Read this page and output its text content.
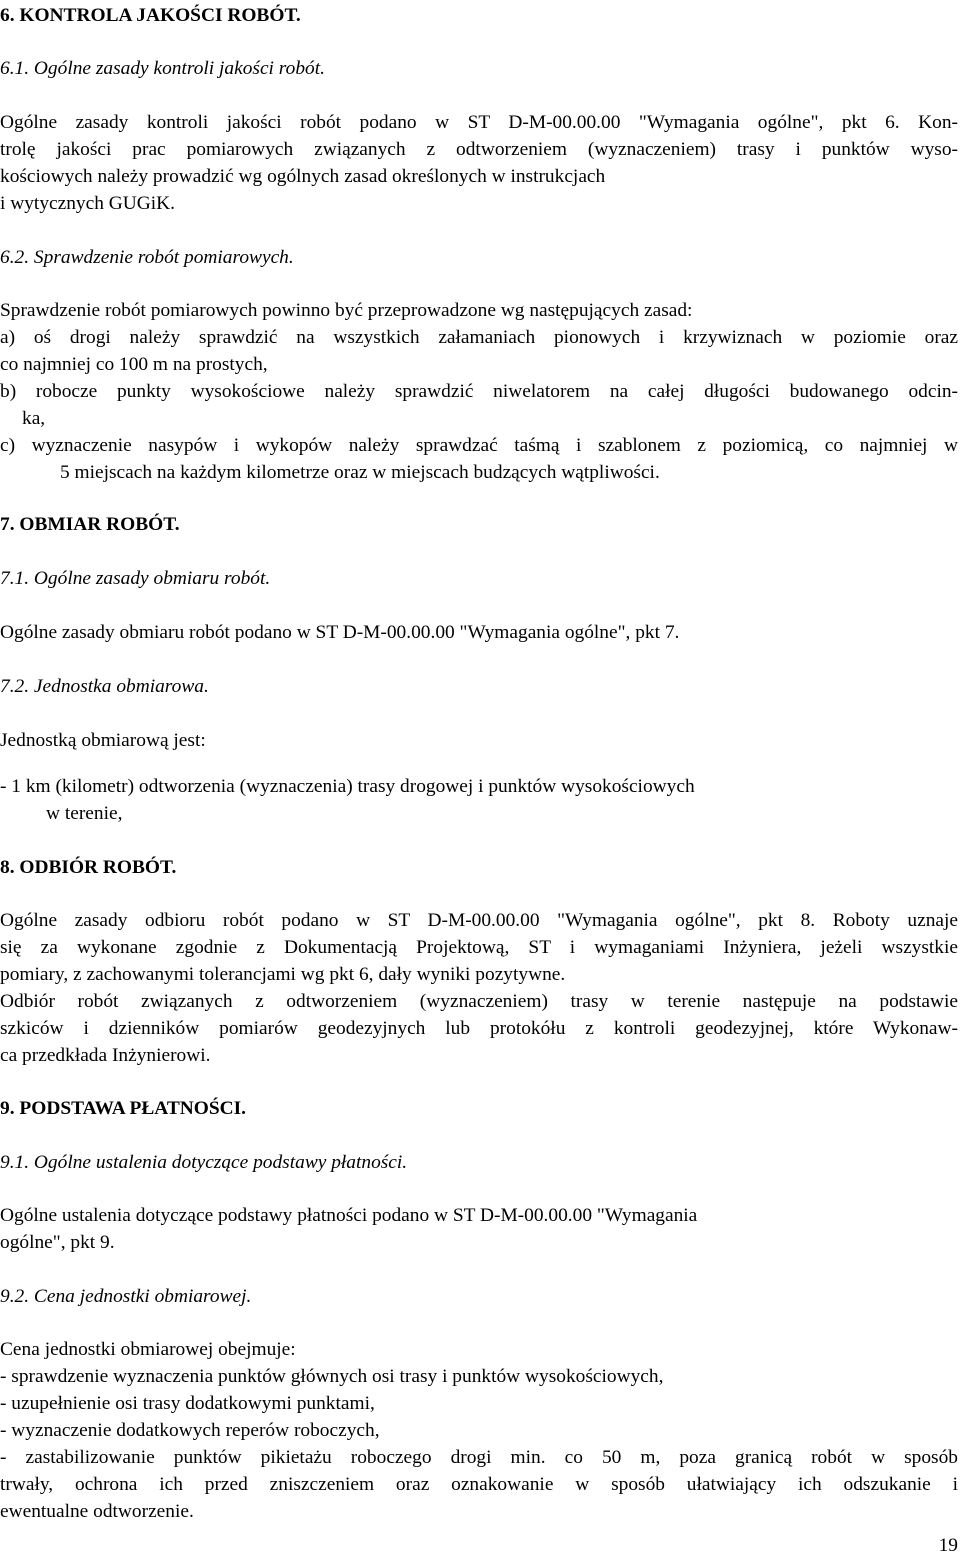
6. KONTROLA JAKOŚCI ROBÓT.

6.1. Ogólne zasady kontroli jakości robót.

Ogólne zasady kontroli jakości robót podano w ST D-M-00.00.00 "Wymagania ogólne", pkt 6. Kon-
trolę jakości prac pomiarowych związanych z odtworzeniem (wyznaczeniem) trasy i punktów wyso-
kościowych należy prowadzić wg ogólnych zasad określonych w instrukcjach
i wytycznych GUGiK.

6.2. Sprawdzenie robót pomiarowych.

Sprawdzenie robót pomiarowych powinno być przeprowadzone wg następujących zasad:
a) oś drogi należy sprawdzić na wszystkich załamaniach pionowych i krzywiznach w poziomie oraz
co najmniej co 100 m na prostych,
b) robocze punkty wysokościowe należy sprawdzić niwelatorem na całej długości budowanego odcin-
ka,
c) wyznaczenie nasypów i wykopów należy sprawdzać taśmą i szablonem z poziomicą, co najmniej w
5 miejscach na każdym kilometrze oraz w miejscach budzących wątpliwości.

7. OBMIAR ROBÓT.

7.1. Ogólne zasady obmiaru robót.

Ogólne zasady obmiaru robót podano w ST D-M-00.00.00 "Wymagania ogólne", pkt 7.

7.2. Jednostka obmiarowa.

Jednostką obmiarową jest:

- 1 km (kilometr) odtworzenia (wyznaczenia) trasy drogowej i punktów wysokościowych
w terenie,

8. ODBIÓR ROBÓT.

Ogólne zasady odbioru robót podano w ST D-M-00.00.00 "Wymagania ogólne", pkt 8. Roboty uznaje
się za wykonane zgodnie z Dokumentacją Projektową, ST i wymaganiami Inżyniera, jeżeli wszystkie
pomiary, z zachowanymi tolerancjami wg pkt 6, dały wyniki pozytywne.
Odbiór robót związanych z odtworzeniem (wyznaczeniem) trasy w terenie następuje na podstawie
szkiców i dzienników pomiarów geodezyjnych lub protokółu z kontroli geodezyjnej, które Wykonaw-
ca przedkłada Inżynierowi.

9. PODSTAWA PŁATNOŚCI.

9.1. Ogólne ustalenia dotyczące podstawy płatności.

Ogólne ustalenia dotyczące podstawy płatności podano w ST D-M-00.00.00 "Wymagania
ogólne", pkt 9.

9.2. Cena jednostki obmiarowej.

Cena jednostki obmiarowej obejmuje:
- sprawdzenie wyznaczenia punktów głównych osi trasy i punktów wysokościowych,
- uzupełnienie osi trasy dodatkowymi punktami,
- wyznaczenie dodatkowych reperów roboczych,
- zastabilizowanie punktów pikietażu roboczego drogi min. co 50 m, poza granicą robót w sposób
trwały, ochrona ich przed zniszczeniem oraz oznakowanie w sposób ułatwiający ich odszukanie i
ewentualne odtworzenie.
19
